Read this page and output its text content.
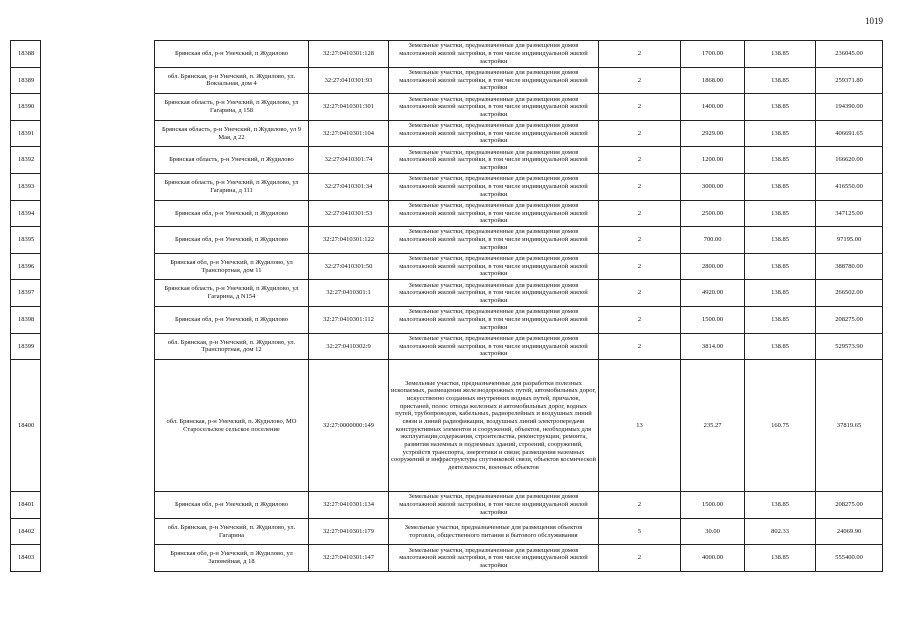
1019
18388		Брянская обл, р-н Унечский, п Жудилово	32:27:0410301:128	Земельные участки, предназначенные для размещения домов малоэтажной жилой застройки, в том числе индивидуальной жилой застройки	2	1700.00	138.85	236045.00
18389		обл. Брянская, р-н Унечский, п. Жудилово, ул. Вокзальная, дом 4	32:27:0410301:93	Земельные участки, предназначенные для размещения домов малоэтажной жилой застройки, в том числе индивидуальной жилой застройки	2	1868.00	138.85	259371.80
18390		Брянская область, р-н Унечский, п Жудилово, ул Гагарина, д 158	32:27:0410301:301	Земельные участки, предназначенные для размещения домов малоэтажной жилой застройки, в том числе индивидуальной жилой застройки	2	1400.00	138.85	194390.00
18391		Брянская область, р-н Унечский, п Жудилово, ул 9 Мая, д 22	32:27:0410301:104	Земельные участки, предназначенные для размещения домов малоэтажной жилой застройки, в том числе индивидуальной жилой застройки	2	2929.00	138.85	406691.65
18392		Брянская область, р-н Унечский, п Жудилово	32:27:0410301:74	Земельные участки, предназначенные для размещения домов малоэтажной жилой застройки, в том числе индивидуальной жилой застройки	2	1200.00	138.85	166620.00
18393		Брянская область, р-н Унечский, п Жудилово, ул Гагарина, д 111	32:27:0410301:34	Земельные участки, предназначенные для размещения домов малоэтажной жилой застройки, в том числе индивидуальной жилой застройки	2	3000.00	138.85	416550.00
18394		Брянская обл, р-н Унечский, п Жудилово	32:27:0410301:53	Земельные участки, предназначенные для размещения домов малоэтажной жилой застройки, в том числе индивидуальной жилой застройки	2	2500.00	138.85	347125.00
18395		Брянская обл, р-н Унечский, п Жудилово	32:27:0410301:122	Земельные участки, предназначенные для размещения домов малоэтажной жилой застройки, в том числе индивидуальной жилой застройки	2	700.00	138.85	97195.00
18396		Брянская обл, р-н Унечский, п Жудилово, ул Транспортная, дом 11	32:27:0410301:50	Земельные участки, предназначенные для размещения домов малоэтажной жилой застройки, в том числе индивидуальной жилой застройки	2	2800.00	138.85	388780.00
18397		Брянская область, р-н Унечский, п Жудилово, ул Гагарина, д N154	32:27:0410301:1	Земельные участки, предназначенные для размещения домов малоэтажной жилой застройки, в том числе индивидуальной жилой застройки	2	4920.00	138.85	266502.00
18398		Брянская обл, р-н Унечский, п Жудилово	32:27:0410301:112	Земельные участки, предназначенные для размещения домов малоэтажной жилой застройки, в том числе индивидуальной жилой застройки	2	1500.00	138.85	208275.00
18399		обл. Брянская, р-н Унечский, п. Жудилово, ул. Транспортная, дом 12	32:27:0410302:9	Земельные участки, предназначенные для размещения домов малоэтажной жилой застройки, в том числе индивидуальной жилой застройки	2	3814.00	138.85	529573.90
18400		обл. Брянская, р-н Унечский, п. Жудилово, МО Старосельское сельское поселение	32:27:0000000:149	Земельные участки, предназначенные для разработки полезных ископаемых, размещения железнодорожных путей, автомобильных дорог, искусственно созданных внутренних водных путей, причалов, пристаней, полос отвода железных и автомобильных дорог, водных путей, трубопроводов, кабельных, радиорелейных и воздушных линий связи и линий радиофикации, воздушных линий электропередачи конструктивных элементов и сооружений, объектов, необходимых для эксплуатации,содержания, строительства, реконструкции, ремонта, развития наземных и подземных зданий, строений, сооружений, устройств транспорта, энергетики и связи; размещения наземных сооружений и инфраструктуры спутниковой связи, объектов космической деятельности, военных объектов	13	235.27	160.75	37819.65
18401		Брянская обл, р-н Унечский, п Жудилово	32:27:0410301:134	Земельные участки, предназначенные для размещения домов малоэтажной жилой застройки, в том числе индивидуальной жилой застройки	2	1500.00	138.85	208275.00
18402		обл. Брянская, р-н Унечский, п. Жудилово, ул. Гагарина	32:27:0410301:179	Земельные участки, предназначенные для размещения объектов торговли, общественного питания и бытового обслуживания	5	30.00	802.33	24069.90
18403		Брянская обл, р-н Унечский, п Жудилово, ул Заповейная, д 18	32:27:0410301:147	Земельные участки, предназначенные для размещения домов малоэтажной жилой застройки, в том числе индивидуальной жилой застройки	2	4000.00	138.85	555400.00
